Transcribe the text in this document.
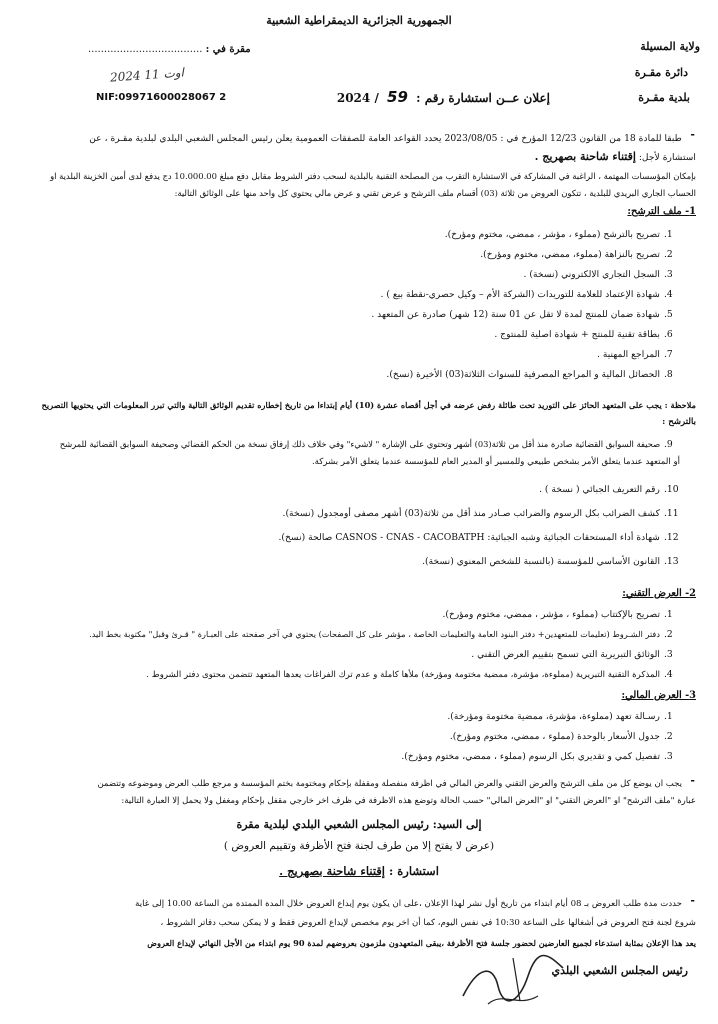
الجمهورية الجزائرية الديمقراطية الشعبية
ولاية المسيلة
دائرة مقـرة
بلدية مقـرة
مقرة في : ....................................
2024 اوت 11
NIF:09971600028067 2	إعلان عــن استشارة رقم : 59 / 2024
-
طبقا للمادة 18 من القانون 12/23 المؤرخ في : 2023/08/05 يحدد القواعد العامة للصفقات العمومية يعلن رئيس المجلس الشعبي البلدي لبلدية مقـرة ، عن
استشارة لأجل: إقتناء شاحنة بصهريج .
بإمكان المؤسسات المهتمة ، الراغبة في المشاركة في الاستشارة التقرب من المصلحة التقنية بالبلدية لسحب دفتر الشروط مقابل دفع مبلغ 10.000.00 دج يدفع لدى أمين الخزينة البلدية او
الحساب الجاري البريدي للبلدية ، تتكون العروض من ثلاثة (03) أقسام ملف الترشح و عرض تقني و عرض مالي يحتوي كل واحد منها على الوثائق التالية:
1- ملف الترشح:
1.
تصريح بالترشح (مملوء ، مؤشر ، ممضي، مختوم ومؤرخ).
2.
تصريح بالنزاهة (مملوء، ممضي، مختوم ومؤرخ).
3.
السجل التجاري الالكتروني (نسخة) .
4.
شهادة الإعتماد للعلامة للتوريدات (الشركة الأم – وكيل حصري-نقطة بيع ) .
5.
شهادة ضمان للمنتج لمدة لا تقل عن 01 سنة (12 شهر) صادرة عن المتعهد .
6.
بطاقة تقنية للمنتج + شهادة اصلية للمنتوج .
7.
المراجع المهنية .
8.
الحصائل المالية و المراجع المصرفية للسنوات الثلاثة(03) الأخيرة (نسخ).
ملاحظة : يجب على المتعهد الحائز على التوريد تحت طائلة رفض عرضه في أجل أقصاه عشرة (10) أيام إبتداءا من تاريخ إخطاره تقديم الوثائق التالية والتي تبرر المعلومات التي يحتويها التصريح
بالترشح :
9.
صحيفة السوابق القضائية صادرة منذ أقل من ثلاثة(03) أشهر وتحتوي على الإشارة " لاشيء" وفي خلاف ذلك إرفاق نسخة من الحكم القضائي وصحيفة السوابق القضائية للمرشح
أو المتعهد عندما يتعلق الأمر بشخص طبيعي وللمسير أو المدير العام للمؤسسة عندما يتعلق الأمر بشركة.
10.
رقم التعريف الجبائي ( نسخة ) .
11.
كشف الضرائب بكل الرسوم والضرائب صـادر منذ أقل من ثلاثة(03) أشهر مصفى أومجدول (نسخة).
12.
شهادة أداء المستحقات الجبائية وشبه الجبائية: CASNOS - CNAS - CACOBATPH صالحة (نسخ).
13.
القانون الأساسي للمؤسسة (بالنسبة للشخص المعنوي (نسخة).
2- العرض التقني:
1.
تصريح بالإكتتاب (مملوء ، مؤشر ، ممضي، مختوم ومؤرخ).
2.
دفتر الشـروط (تعليمات للمتعهدين+ دفتر البنود العامة والتعليمات الخاصة ، مؤشر على كل الصفحات) يحتوي في آخر صفحته على العبـارة " قـرئ وقبل" مكتوبة بخط اليد.
3.
الوثائق التبريرية التي تسمح بتقييم العرض التقني .
4.
المذكرة التقنية التبريرية (مملوءة، مؤشرة، ممضية مختومة ومؤرخة) ملأها كاملة و عدم ترك الفراغات يعدها المتعهد تتضمن محتوى دفتر الشروط .
3- العرض المالي:
1.
رسـالة تعهد (مملوءة، مؤشرة، ممضية مختومة ومؤرخة).
2.
جدول الأسعار بالوحدة (مملوء ، ممضي، مختوم ومؤرخ).
3.
تفصيل كمي و تقديري بكل الرسوم (مملوء ، ممضي، مختوم ومؤرخ).
-
يجب ان يوضع كل من ملف الترشح والعرض التقني والعرض المالي في اظرفة منفصلة ومقفلة بإحكام ومختومة بختم المؤسسة و مرجع طلب العرض وموضوعه وتتضمن
عبارة "ملف الترشح" او "العرض التقني" او "العرض المالي" حسب الحالة وتوضع هذه الاظرفة في ظرف اخر خارجي مقفل بإحكام ومغفل ولا يحمل إلا العبارة التالية:
إلى السيد: رئيس المجلس الشعبي البلدي لبلدية مقرة
(عرض لا يفتح إلا من طرف لجنة فتح الأظرفة وتقييم العروض )
استشارة : إقتناء شاحنة بصهريج .
-
حددت مدة طلب العروض بـ 08 أيام ابتداء من تاريخ أول نشر لهذا الإعلان ،على ان يكون يوم إيداع العروض خلال المدة الممتدة من الساعة 10.00 إلى غاية
شروع لجنة فتح العروض في أشغالها على الساعة 10:30 في نفس اليوم، كما أن اخر يوم مخصص لإيداع العروض فقط و لا يمكن سحب دفاتر الشروط ،
يعد هذا الإعلان بمثابة استدعاء لجميع العارضين لحضور جلسة فتح الأظرفة ،يبقى المتعهدون ملزمون بعروضهم لمدة 90 يوم ابتداء من الأجل النهائي لإيداع العروض
رئيس المجلس الشعبي البلدي
